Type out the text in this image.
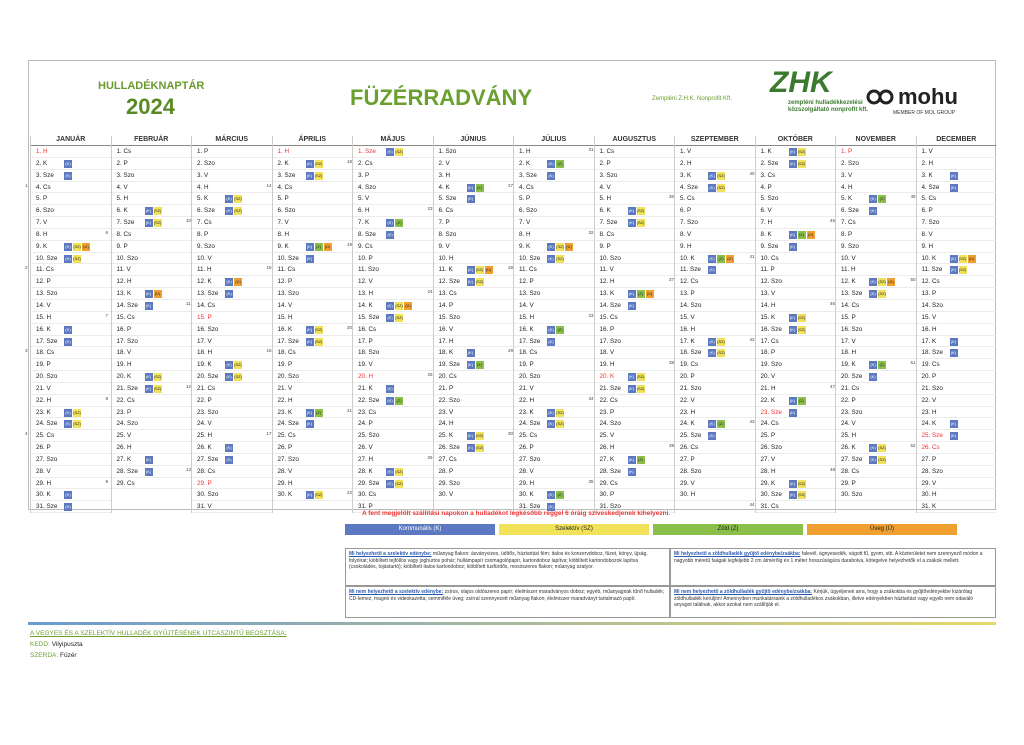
HULLADÉKNAPTÁR
2024	FÜZÉRRADVÁNY	Zempléni Z.H.K. Nonprofit Kft. ZHK
zempléni hulladékkezelési közszolgáltató nonprofit kft.
mohu
MEMBER OF MOL GROUP
JANUÁR
1. H
2. K	(K)
3. Sze	(K)
4. Cs
1
5. P
6. Szo
7. V
8. H
9. K	(K) (SZ) (Ü)
10. Sze	(K) (SZ)
11. Cs
2
12. P
13. Szo
14. V
15. H
16. K	(K)
17. Sze	(K)
18. Cs
3
19. P
20. Szo
21. V
22. H
23. K	(K) (SZ)
24. Sze	(K) (SZ)
25. Cs
4
26. P
27. Szo
28. V
29. H
30. K	(K)
31. Sze	(K)
FEBRUÁR
1. Cs
2. P
3. Szo
4. V
5. H
6. K	(K) (SZ)
7. Sze	(K) (SZ)
8. Cs
6
9. P
10. Szo
11. V
12. H
13. K	(K) (Ü)
14. Sze	(K)
15. Cs
7
16. P
17. Szo
18. V
19. H
20. K	(K) (SZ)
21. Sze	(K) (SZ)
22. Cs
8
23. P
24. Szo
25. V
26. H
27. K	(K)
28. Sze	(K)
29. Cs
9
MÁRCIUS
1. P
2. Szo
3. V
4. H
5. K	(K) (SZ)
6. Sze	(K) (SZ)
7. Cs
10
8. P
9. Szo
10. V
11. H
12. K	(K) (Ü)
13. Sze	(K)
14. Cs
11
15. P
16. Szo
17. V
18. H
19. K	(K) (SZ)
20. Sze	(K) (SZ)
21. Cs
12
22. P
23. Szo
24. V
25. H
26. K	(K)
27. Sze	(K)
28. Cs
13
29. P
30. Szo
31. V
ÁPRILIS
1. H
2. K	(K) (SZ)
3. Sze	(K) (SZ)
4. Cs
14
5. P
6. Szo
7. V
8. H
9. K	(K) (Z) (Ü)
10. Sze	(K)
11. Cs
15
12. P
13. Szo
14. V
15. H
16. K	(K) (SZ)
17. Sze	(K) (SZ)
18. Cs
16
19. P
20. Szo
21. V
22. H
23. K	(K) (Z)
24. Sze	(K)
25. Cs
17
26. P
27. Szo
28. V
29. H
30. K	(K) (SZ)
MÁJUS
1. Sze	(K) (SZ)
2. Cs
18
3. P
4. Szo
5. V
6. H
7. K	(K) (Z)
8. Sze	(K)
9. Cs
19
10. P
11. Szo
12. V
13. H
14. K	(K) (SZ) (Ü)
15. Sze	(K) (SZ)
16. Cs
20
17. P
18. Szo
19. V
20. H
21. K	(K)
22. Sze	(K) (Z)
23. Cs
21
24. P
25. Szo
26. V
27. H
28. K	(K) (SZ)
29. Sze	(K) (SZ)
30. Cs
22
31. P
JÚNIUS
1. Szo
2. V
3. H
4. K	(K) (Z)
5. Sze	(K)
6. Cs
23
7. P
8. Szo
9. V
10. H
11. K	(K) (SZ) (Ü)
12. Sze	(K) (SZ)
13. Cs
24
14. P
15. Szo
16. V
17. H
18. K	(K)
19. Sze	(K) (Z)
20. Cs
25
21. P
22. Szo
23. V
24. H
25. K	(K) (SZ)
26. Sze	(K) (SZ)
27. Cs
26
28. P
29. Szo
30. V
JÚLIUS
1. H
2. K	(K) (Z)
3. Sze	(K)
4. Cs
27
5. P
6. Szo
7. V
8. H
9. K	(K) (SZ) (Ü)
10. Sze	(K) (SZ)
11. Cs
28
12. P
13. Szo
14. V
15. H
16. K	(K) (Z)
17. Sze	(K)
18. Cs
29
19. P
20. Szo
21. V
22. H
23. K	(K) (SZ)
24. Sze	(K) (SZ)
25. Cs
30
26. P
27. Szo
28. V
29. H
30. K	(K) (Z)
31. Sze	(K)
AUGUSZTUS
1. Cs
31
2. P
3. Szo
4. V
5. H
6. K	(K) (SZ)
7. Sze	(K) (SZ)
8. Cs
32
9. P
10. Szo
11. V
12. H
13. K	(K) (Z) (Ü)
14. Sze	(K)
15. Cs
33
16. P
17. Szo
18. V
19. H
20. K	(K) (SZ)
21. Sze	(K) (SZ)
22. Cs
34
23. P
24. Szo
25. V
26. H
27. K	(K) (Z)
28. Sze	(K)
29. Cs
35
30. P
31. Szo
SZEPTEMBER
1. V
2. H
3. K	(K) (SZ)
4. Sze	(K) (SZ)
5. Cs
36
6. P
7. Szo
8. V
9. H
10. K	(K) (Z) (Ü)
11. Sze	(K)
12. Cs
37
13. P
14. Szo
15. V
16. H
17. K	(K) (SZ)
18. Sze	(K) (SZ)
19. Cs
38
20. P
21. Szo
22. V
23. H
24. K	(K) (Z)
25. Sze	(K)
26. Cs
39
27. P
28. Szo
29. V
30. H
OKTÓBER
1. K	(K) (SZ)
2. Sze	(K) (SZ)
3. Cs
40
4. P
5. Szo
6. V
7. H
8. K	(K) (Z) (Ü)
9. Sze	(K)
10. Cs
41
11. P
12. Szo
13. V
14. H
15. K	(K) (SZ)
16. Sze	(K) (SZ)
17. Cs
42
18. P
19. Szo
20. V
21. H
22. K	(K) (Z)
23. Sze	(K)
24. Cs
43
25. P
26. Szo
27. V
28. H
29. K	(K) (SZ)
30. Sze	(K) (SZ)
31. Cs
44
NOVEMBER
1. P
2. Szo
3. V
4. H
5. K	(K) (Z)
6. Sze	(K)
7. Cs
45
8. P
9. Szo
10. V
11. H
12. K	(K) (SZ) (Ü)
13. Sze	(K) (SZ)
14. Cs
46
15. P
16. Szo
17. V
18. H
19. K	(K) (Z)
20. Sze	(K)
21. Cs
47
22. P
23. Szo
24. V
25. H
26. K	(K) (SZ)
27. Sze	(K) (SZ)
28. Cs
48
29. P
30. Szo
DECEMBER
1. V
2. H
3. K	(K)
4. Sze	(K)
5. Cs
49
6. P
7. Szo
8. V
9. H
10. K	(K) (SZ) (Ü)
11. Sze	(K) (SZ)
12. Cs
50
13. P
14. Szo
15. V
16. H
17. K	(K)
18. Sze	(K)
19. Cs
51
20. P
21. Szo
22. V
23. H
24. K	(K)
25. Sze	(K)
26. Cs
52
27. P
28. Szo
29. V
30. H
31. K
A fent megjelölt szállítási napokon a hulladékot legkésőbb reggel 6 óráig szíveskedjenek kihelyezni.
Kommunális (K)	Szelektív (SZ)	Zöld (Z)	Üveg (Ü)
Mi helyezhető a szelektív edénybe: műanyag flakon: ásványvizes, üdítős, háztartási fém: italos és konzervdoboz, füzet, könyv, újság, folyóirat; kiöblített tejföllös vagy joghurtos pohár; hullámpapír csomagolópapír, kartondoboz lapítva; kiöblített kartondobozok lapítva (csokoládés, tojástartó); kiöblített italos kartondoboz; kiöblített tusfürdős, mosószeres flakon; műanyag szatyor.
Mi nem helyezhető a szelektív edénybe: zsíros, olajos oldószeres papír; élelmiszer maradványos doboz; egyéb, műanyagnak tűnő hulladék; CD-lemez, magnó és videokazetta; semmiféle üveg; zsírral szennyezett műanyag flakon; élelmiszer maradványt tartalmazó papír.
Mi helyezhető a zöldhulladék gyűjtő edénybe/zsákba: falevél, ágnyesedék, vágott fű, gyom, stb. A közterületet nem szennyező módon a nagyobb méretű faágak legfeljebb 2 cm átmérőig és 1 méter hosszúságúra darabolva, kötegelve helyezhetők el a zsákok mellett.
Mi nem helyezhető a zöldhulladék gyűjtő edénybe/zsákba: Kérjük, ügyeljenek arra, hogy a zsákokba és gyűjtőedényekbe kizárólag zöldhulladék kerüljön! Amennyiben munkatársaink a zöldhulladékos zsákokban, illetve edényekben háztartási vagy egyéb nem odaváló anyagot találnak, akkor azokat nem szállítják el.
A VEGYES ÉS A SZELEKTÍV HULLADÉK GYŰJTÉSÉNEK UTCASZINTŰ BEOSZTÁSA:
KEDD: Vilyipuszta
SZERDA: Füzér
